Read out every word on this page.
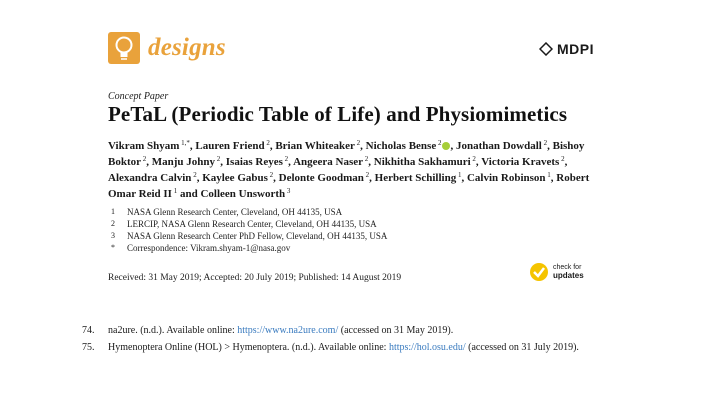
designs	MDPI
Concept Paper
PeTaL (Periodic Table of Life) and Physiomimetics
Vikram Shyam $^{1,*}$, Lauren Friend $^2$, Brian Whiteaker $^2$, Nicholas Bense $^2$ , Jonathan Dowdall $^2$, Bishoy Boktor $^2$, Manju Johny $^2$, Isaias Reyes $^2$, Angeera Naser $^2$, Nikhitha Sakhamuri $^2$, Victoria Kravets $^2$, Alexandra Calvin $^2$, Kaylee Gabus $^2$, Delonte Goodman $^2$, Herbert Schilling $^1$, Calvin Robinson $^1$, Robert Omar Reid II $^1$ and Colleen Unsworth $^3$
1	NASA Glenn Research Center, Cleveland, OH 44135, USA
2	LERCIP, NASA Glenn Research Center, Cleveland, OH 44135, USA
3	NASA Glenn Research Center PhD Fellow, Cleveland, OH 44135, USA
*	Correspondence: Vikram.shyam-1@nasa.gov
Received: 31 May 2019; Accepted: 20 July 2019; Published: 14 August 2019
check for
updates
74.	na2ure. (n.d.). Available online: https://www.na2ure.com/ (accessed on 31 May 2019).
75.	Hymenoptera Online (HOL) > Hymenoptera. (n.d.). Available online: https://hol.osu.edu/ (accessed on 31 July 2019).
